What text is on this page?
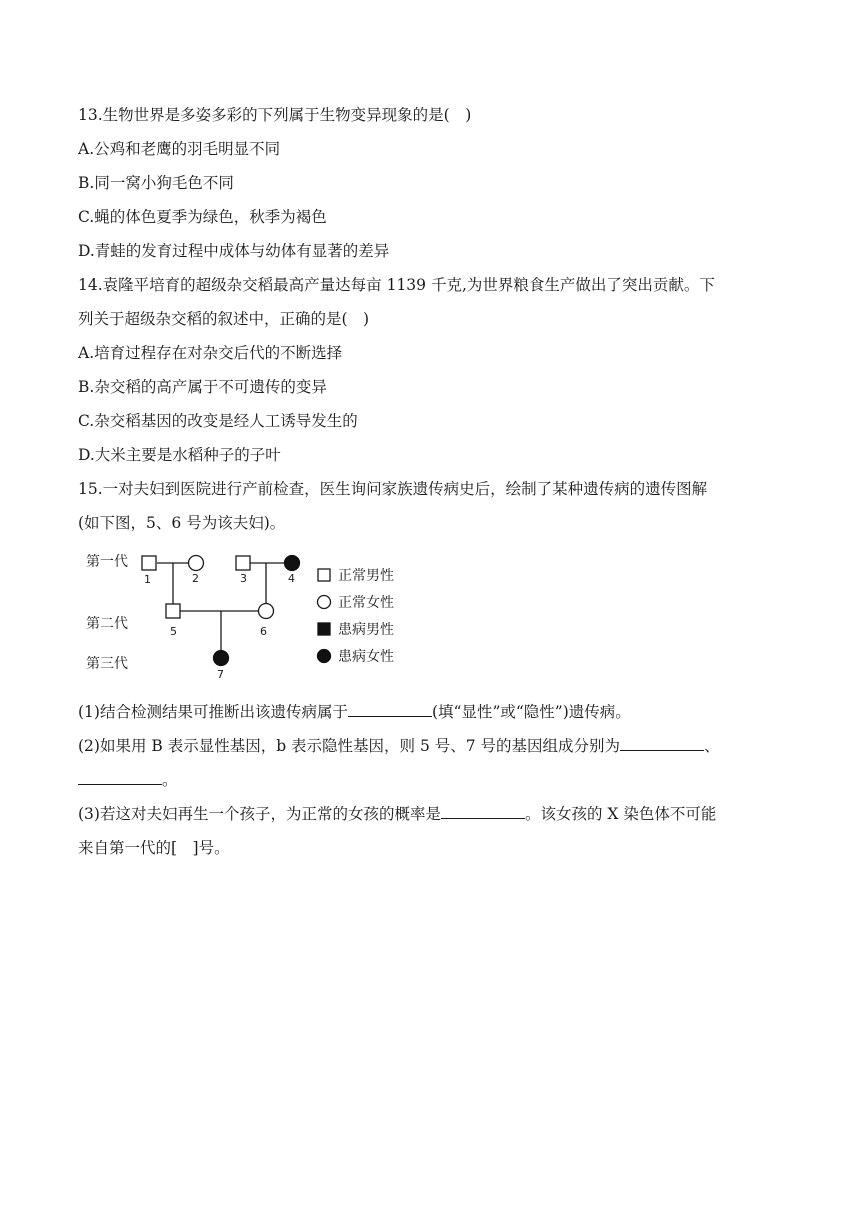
13.生物世界是多姿多彩的下列属于生物变异现象的是(　)
A.公鸡和老鹰的羽毛明显不同
B.同一窝小狗毛色不同
C.蝇的体色夏季为绿色，秋季为褐色
D.青蛙的发育过程中成体与幼体有显著的差异
14.袁隆平培育的超级杂交稻最高产量达每亩 1139 千克,为世界粮食生产做出了突出贡献。下
列关于超级杂交稻的叙述中，正确的是(　)
A.培育过程存在对杂交后代的不断选择
B.杂交稻的高产属于不可遗传的变异
C.杂交稻基因的改变是经人工诱导发生的
D.大米主要是水稻种子的子叶
15.一对夫妇到医院进行产前检查，医生询问家族遗传病史后，绘制了某种遗传病的遗传图解
(如下图，5、6 号为该夫妇)。
第一代
第二代
第三代
1	2	3	4
5	6
7
正常男性
正常女性
患病男性
患病女性
(1)结合检测结果可推断出该遗传病属于	(填“显性”或“隐性”)遗传病。
(2)如果用 B 表示显性基因，b 表示隐性基因，则 5 号、7 号的基因组成分别为	、
。
(3)若这对夫妇再生一个孩子，为正常的女孩的概率是	。该女孩的 X 染色体不可能
来自第一代的[　]号。
